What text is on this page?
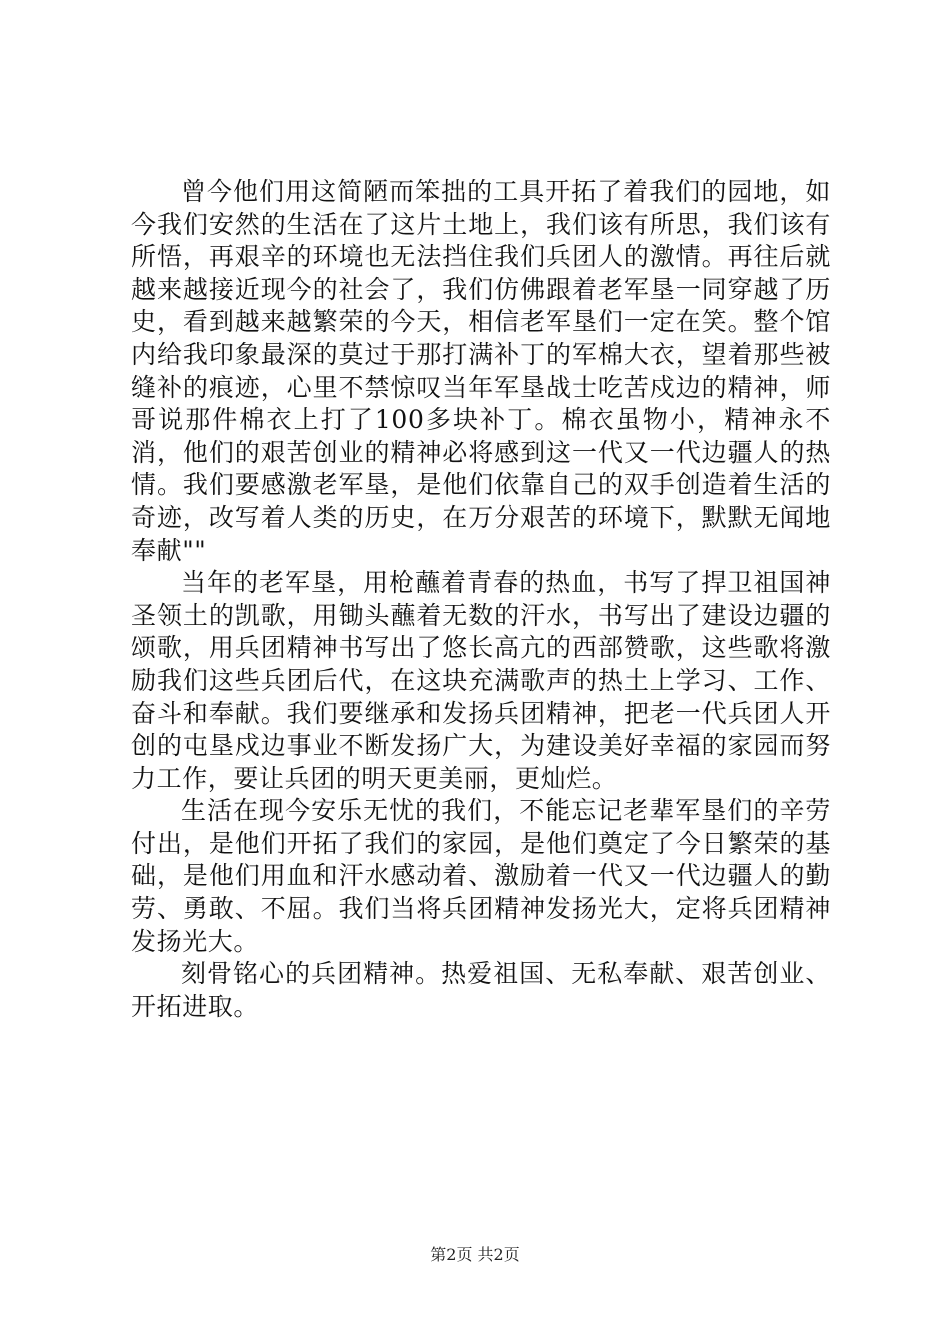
曾今他们用这简陋而笨拙的工具开拓了着我们的园地，如今我们安然的生活在了这片土地上，我们该有所思，我们该有所悟，再艰辛的环境也无法挡住我们兵团人的激情。再往后就越来越接近现今的社会了，我们仿佛跟着老军垦一同穿越了历史，看到越来越繁荣的今天，相信老军垦们一定在笑。整个馆内给我印象最深的莫过于那打满补丁的军棉大衣，望着那些被缝补的痕迹，心里不禁惊叹当年军垦战士吃苦戍边的精神，师哥说那件棉衣上打了100多块补丁。棉衣虽物小，精神永不消，他们的艰苦创业的精神必将感到这一代又一代边疆人的热情。我们要感激老军垦，是他们依靠自己的双手创造着生活的奇迹，改写着人类的历史，在万分艰苦的环境下，默默无闻地奉献""

当年的老军垦，用枪蘸着青春的热血，书写了捍卫祖国神圣领土的凯歌，用锄头蘸着无数的汗水，书写出了建设边疆的颂歌，用兵团精神书写出了悠长高亢的西部赞歌，这些歌将激励我们这些兵团后代，在这块充满歌声的热土上学习、工作、奋斗和奉献。我们要继承和发扬兵团精神，把老一代兵团人开创的屯垦戍边事业不断发扬广大，为建设美好幸福的家园而努力工作，要让兵团的明天更美丽，更灿烂。

生活在现今安乐无忧的我们，不能忘记老辈军垦们的辛劳付出，是他们开拓了我们的家园，是他们奠定了今日繁荣的基础，是他们用血和汗水感动着、激励着一代又一代边疆人的勤劳、勇敢、不屈。我们当将兵团精神发扬光大，定将兵团精神发扬光大。

刻骨铭心的兵团精神。热爱祖国、无私奉献、艰苦创业、开拓进取。

第2页 共2页
